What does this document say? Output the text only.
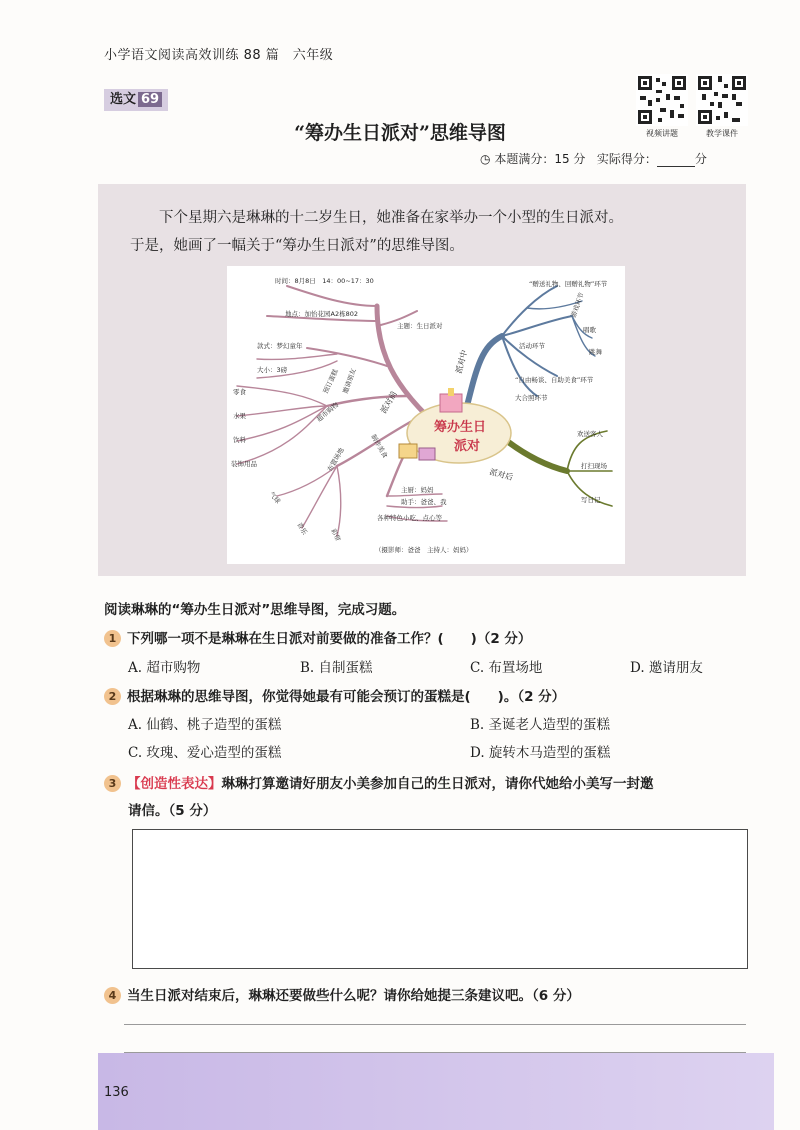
小学语文阅读高效训练 88 篇　六年级
选文 69
视频讲题	教学课件
“筹办生日派对”思维导图
◷ 本题满分：15 分 实际得分：	分
下个星期六是琳琳的十二岁生日，她准备在家举办一个小型的生日派对。
于是，她画了一幅关于“筹办生日派对”的思维导图。
筹办生日
派对
时间：8月8日　14：00~17：30
主题：生日派对
地点：加怡花园A2栋802
派对前
预订蛋糕 邀请朋友
款式：梦幻童年
大小：3磅
超市购物
零食
水果
饮料
装饰用品	布置场地
气球
音乐	彩带
制作美食
主厨：妈妈
助手：爸爸、我
各种特色小吃、点心等
（摄影师：爸爸　主持人：妈妈）
派对中
“赠送礼物、回赠礼物”环节
游戏环节
唱歌
跳舞
活动环节
“自由畅谈、自助美食”环节
大合照环节
派对后
欢送客人
打扫现场
写日记
阅读琳琳的“筹办生日派对”思维导图，完成习题。
1 下列哪一项不是琳琳在生日派对前要做的准备工作？(　　)（2 分）
A. 超市购物	B. 自制蛋糕	C. 布置场地	D. 邀请朋友
2 根据琳琳的思维导图，你觉得她最有可能会预订的蛋糕是(　　)。（2 分）
A. 仙鹤、桃子造型的蛋糕	B. 圣诞老人造型的蛋糕
C. 玫瑰、爱心造型的蛋糕	D. 旋转木马造型的蛋糕
3 【创造性表达】琳琳打算邀请好朋友小美参加自己的生日派对，请你代她给小美写一封邀
请信。（5 分）
4 当生日派对结束后，琳琳还要做些什么呢？请你给她提三条建议吧。（6 分）
136
